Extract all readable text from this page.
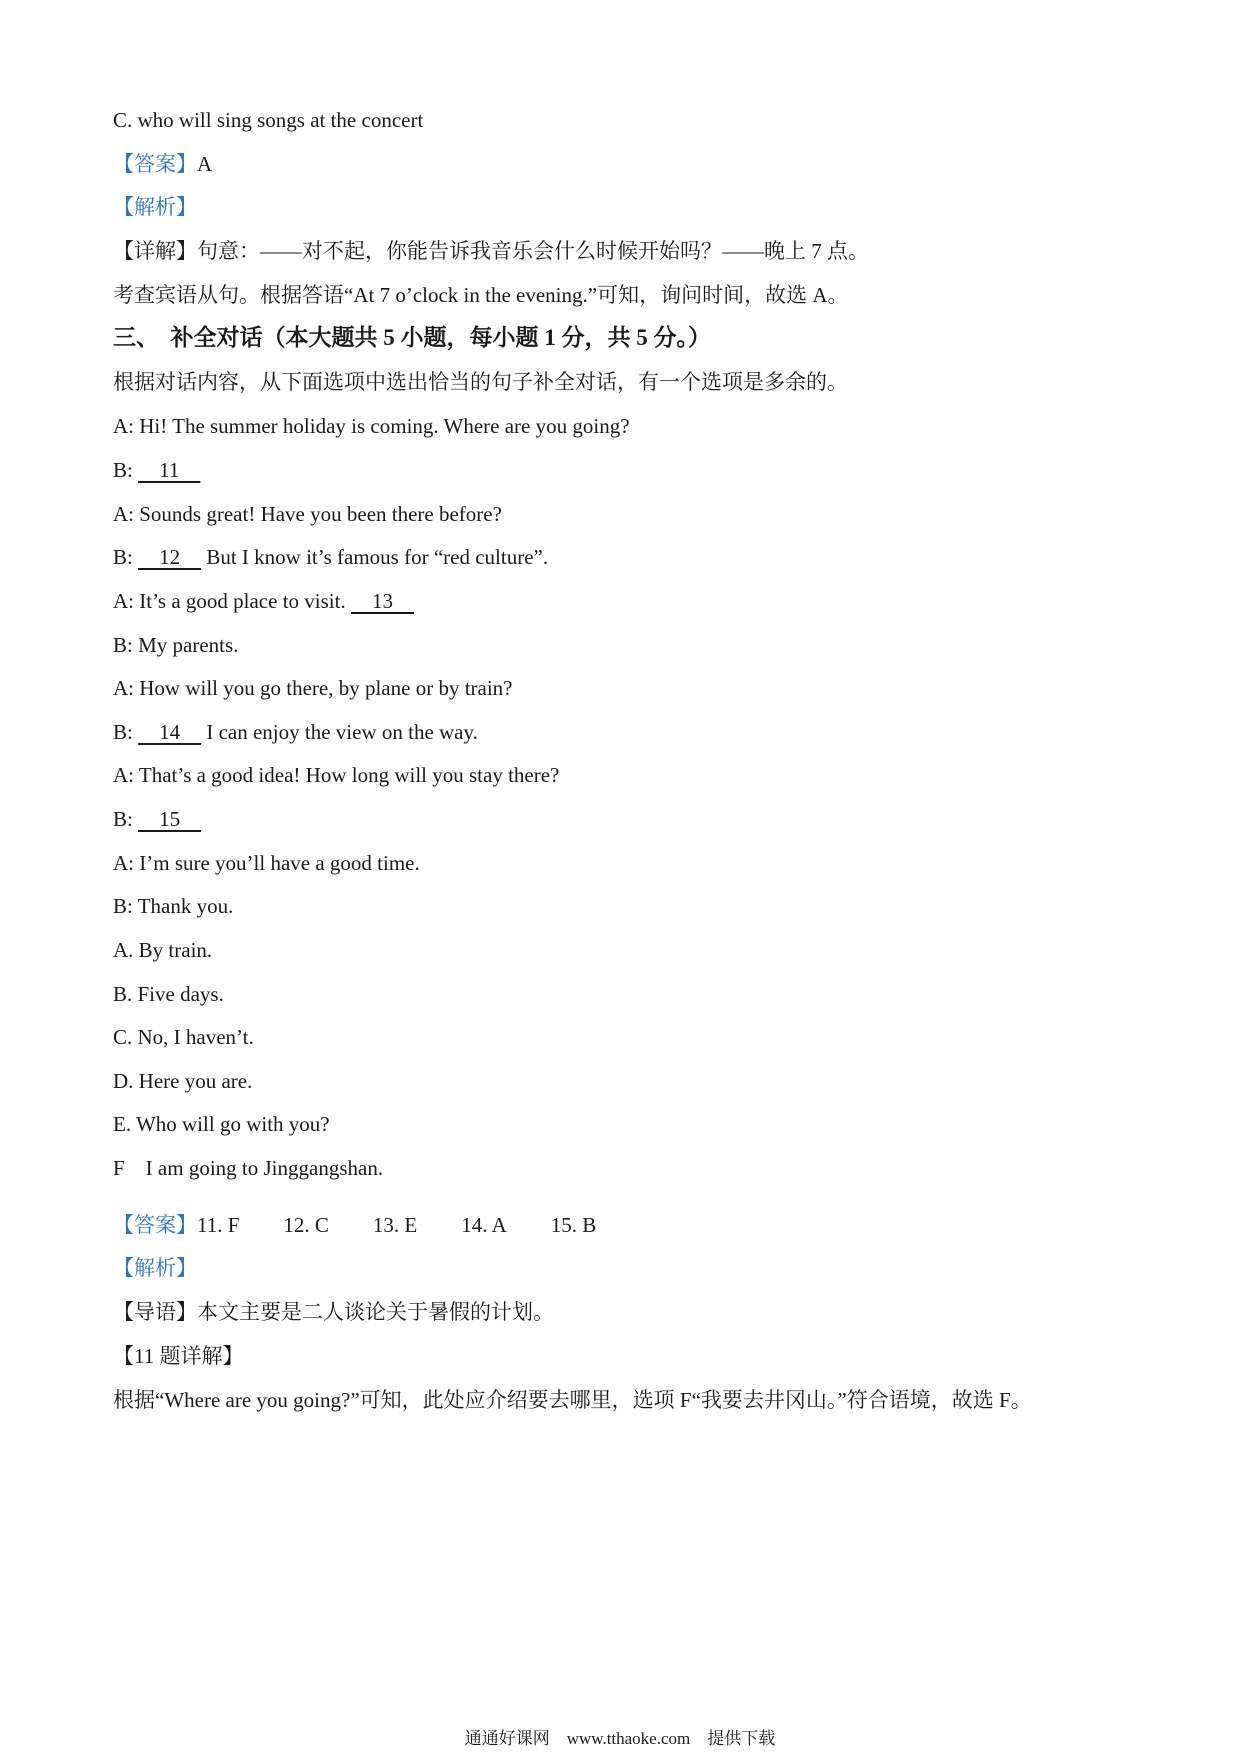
C. who will sing songs at the concert
【答案】A
【解析】
【详解】句意：——对不起，你能告诉我音乐会什么时候开始吗？——晚上 7 点。
考查宾语从句。根据答语“At 7 o’clock in the evening.”可知，询问时间，故选 A。
三、　补全对话（本大题共 5 小题，每小题 1 分，共 5 分。）
根据对话内容，从下面选项中选出恰当的句子补全对话，有一个选项是多余的。
A: Hi! The summer holiday is coming. Where are you going?
B:     11
A: Sounds great! Have you been there before?
B:     12     But I know it’s famous for “red culture”.
A: It’s a good place to visit.     13
B: My parents.
A: How will you go there, by plane or by train?
B:     14     I can enjoy the view on the way.
A: That’s a good idea! How long will you stay there?
B:     15
A: I’m sure you’ll have a good time.
B: Thank you.
A. By train.
B. Five days.
C. No, I haven’t.
D. Here you are.
E. Who will go with you?
F　I am going to Jinggangshan.
【答案】11. F 12. C 13. E 14. A 15. B
【解析】
【导语】本文主要是二人谈论关于暑假的计划。
【11 题详解】
根据“Where are you going?”可知，此处应介绍要去哪里，选项 F“我要去井冈山。”符合语境，故选 F。
通通好课网　www.tthaoke.com　提供下载
